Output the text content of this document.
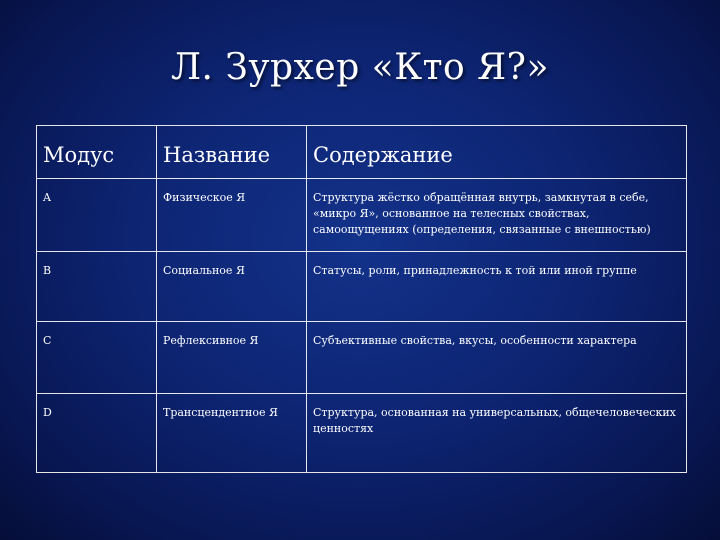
Л. Зурхер «Кто Я?»
Модус	Название	Содержание
A	Физическое Я	Структура жёстко обращённая внутрь, замкнутая в себе, «микро Я», основанное на телесных свойствах, самоощущениях (определения, связанные с внешностью)
B	Социальное Я	Статусы, роли, принадлежность к той или иной группе
C	Рефлексивное Я	Субъективные свойства, вкусы, особенности характера
D	Трансцендентное Я	Структура, основанная на универсальных, общечеловеческих ценностях
